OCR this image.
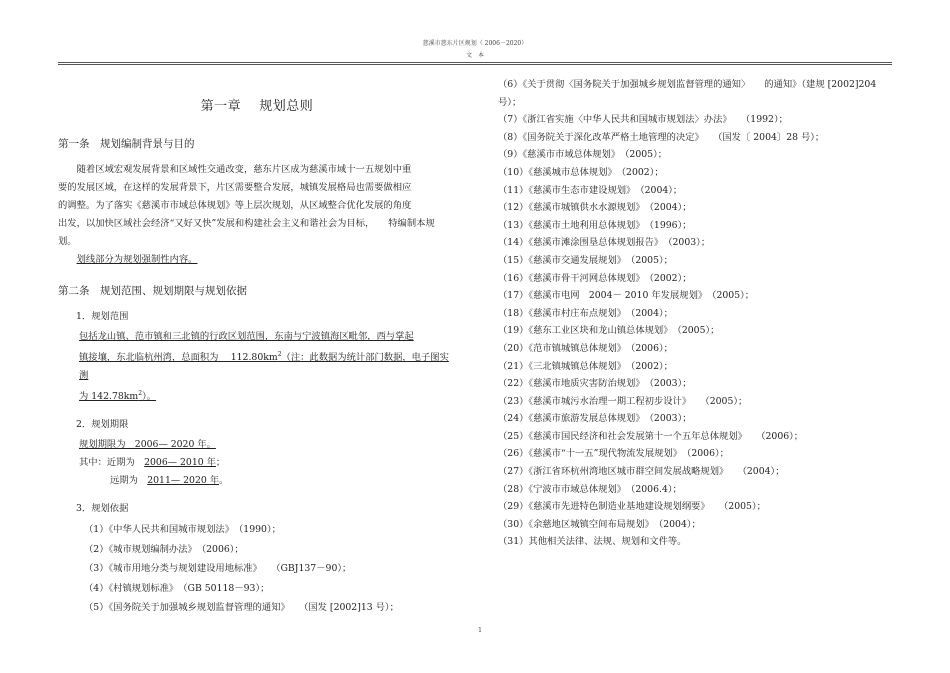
慈溪市慈东片区规划（ 2006－2020）
文　本
第一章　 规划总则
第一条　规划编制背景与目的

随着区域宏观发展背景和区域性交通改变，慈东片区成为慈溪市域十一五规划中重

要的发展区域，在这样的发展背景下，片区需要整合发展，城镇发展格局也需要做相应

的调整。为了落实《慈溪市市域总体规划》等上层次规划，从区域整合优化发展的角度

出发，以加快区域社会经济“又好又快”发展和构建社会主义和谐社会为目标，　　特编制本规

划。

划线部分为规划强制性内容。

第二条　规划范围、规划期限与规划依据
1．规划范围

包括龙山镇、范市镇和三北镇的行政区划范围，东南与宁波镇海区毗邻，西与掌起

镇接壤，东北临杭州湾，总面积为　 $112.80km^2$（注：此数据为统计部门数据，电子图实测

为 $142.78km^2$）。

2．规划期限

规划期限为　2006— 2020 年。

其中：近期为　2006— 2010 年；

远期为　2011— 2020 年。

3．规划依据

（1）《中华人民共和国城市规划法》　（1990）；

（2）《城市规划编制办法》　（2006）；

（3）《城市用地分类与规划建设用地标准》　　（GBJ137－90）；

（4）《村镇规划标准》　（GB 50118－93）；

（5）《国务院关于加强城乡规划监督管理的通知》　　（国发 [2002]13 号）；

（6）《关于贯彻〈国务院关于加强城乡规划监督管理的通知〉　　的通知》（建规 [2002]204

号）；

（7）《浙江省实施〈中华人民共和国城市规划法〉办法》　　（1992）；

（8）《国务院关于深化改革严格土地管理的决定》　　（国发〔 2004〕28 号）；

（9）《慈溪市市域总体规划》　（2005）；

（10）《慈溪城市总体规划》　（2002）；

（11）《慈溪市生态市建设规划》　（2004）；

（12）《慈溪市城镇供水水源规划》　（2004）；

（13）《慈溪市土地利用总体规划》　（1996）；

（14）《慈溪市滩涂围垦总体规划报告》　（2003）；

（15）《慈溪市交通发展规划》　（2005）；

（16）《慈溪市骨干河网总体规划》　（2002）；

（17）《慈溪市电网　2004－ 2010 年发展规划》　（2005）；

（18）《慈溪市村庄布点规划》　（2004）；

（19）《慈东工业区块和龙山镇总体规划》　（2005）；

（20）《范市镇城镇总体规划》　（2006）；

（21）《三北镇城镇总体规划》　（2002）；

（22）《慈溪市地质灾害防治规划》　（2003）；

（23）《慈溪市城污水治理一期工程初步设计》　　（2005）；

（24）《慈溪市旅游发展总体规划》　（2003）；

（25）《慈溪市国民经济和社会发展第十一个五年总体规划》　　（2006）；

（26）《慈溪市“十一五”现代物流发展规划》　（2006）；

（27）《浙江省环杭州湾地区城市群空间发展战略规划》　　（2004）；

（28）《宁波市市域总体规划》　（2006.4）；

（29）《慈溪市先进特色制造业基地建设规划纲要》　　（2005）；

（30）《余慈地区城镇空间布局规划》　（2004）；

（31）其他相关法律、法规、规划和文件等。

1
